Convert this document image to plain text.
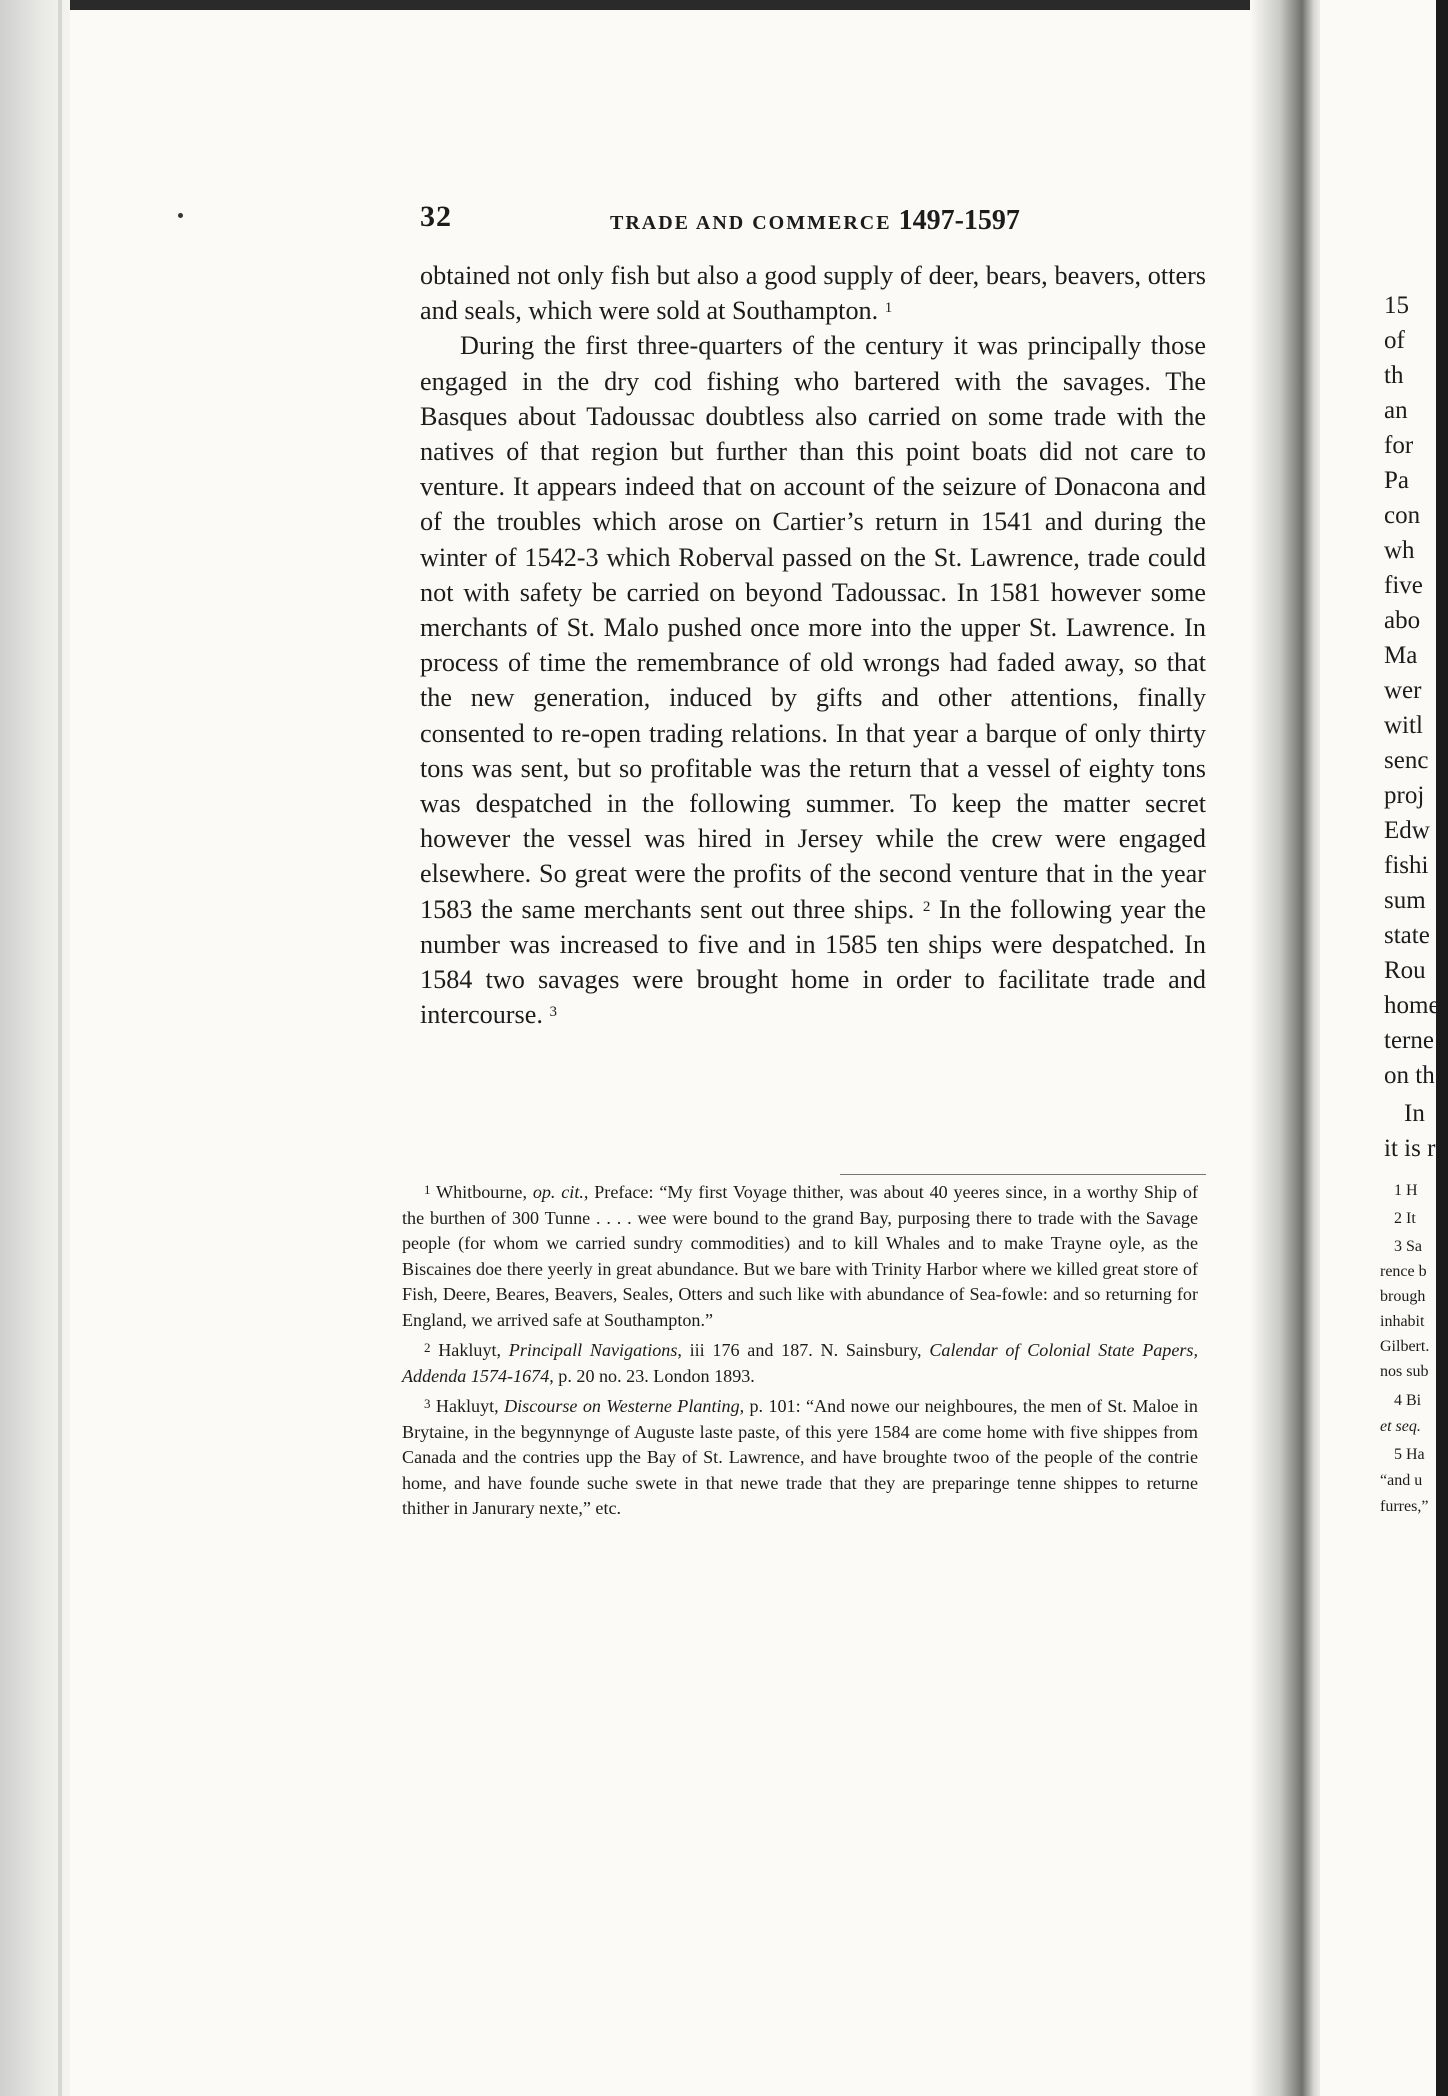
32	TRADE AND COMMERCE 1497-1597

obtained not only fish but also a good supply of deer, bears, beavers, otters and seals, which were sold at Southampton. $^1$

During the first three-quarters of the century it was principally those engaged in the dry cod fishing who bartered with the savages. The Basques about Tadoussac doubtless also carried on some trade with the natives of that region but further than this point boats did not care to venture. It appears indeed that on account of the seizure of Donacona and of the troubles which arose on Cartier’s return in 1541 and during the winter of 1542-3 which Roberval passed on the St. Lawrence, trade could not with safety be carried on beyond Tadoussac. In 1581 however some merchants of St. Malo pushed once more into the upper St. Lawrence. In process of time the remembrance of old wrongs had faded away, so that the new generation, induced by gifts and other attentions, finally consented to re-open trading relations. In that year a barque of only thirty tons was sent, but so profitable was the return that a vessel of eighty tons was despatched in the following summer. To keep the matter secret however the vessel was hired in Jersey while the crew were engaged elsewhere. So great were the profits of the second venture that in the year 1583 the same merchants sent out three ships. $^2$ In the following year the number was increased to five and in 1585 ten ships were despatched. In 1584 two savages were brought home in order to facilitate trade and intercourse. $^3$

$^1$ Whitbourne, op. cit., Preface: “My first Voyage thither, was about 40 yeeres since, in a worthy Ship of the burthen of 300 Tunne . . . . wee were bound to the grand Bay, purposing there to trade with the Savage people (for whom we carried sundry commodities) and to kill Whales and to make Trayne oyle, as the Biscaines doe there yeerly in great abundance. But we bare with Trinity Harbor where we killed great store of Fish, Deere, Beares, Beavers, Seales, Otters and such like with abundance of Sea-fowle: and so returning for England, we arrived safe at Southampton.”

$^2$ Hakluyt, Principall Navigations, iii 176 and 187. N. Sainsbury, Calendar of Colonial State Papers, Addenda 1574-1674, p. 20 no. 23. London 1893.

$^3$ Hakluyt, Discourse on Westerne Planting, p. 101: “And nowe our neighboures, the men of St. Maloe in Brytaine, in the begynnynge of Auguste laste paste, of this yere 1584 are come home with five shippes from Canada and the contries upp the Bay of St. Lawrence, and have broughte twoo of the people of the contrie home, and have founde suche swete in that newe trade that they are preparinge tenne shippes to returne thither in Janurary nexte,” etc.

15
of
th
an
for
Pa
con
wh
five
abo
Ma
wer
witl
senc
proj
Edw
fishi
sum
state
Rou
home
terne
on th
In
it is r
1 H
2 It
3 Sa
rence b
brough
inhabit
Gilbert.
nos sub
4 Bi
et seq.
5 Ha
“and u
furres,”
